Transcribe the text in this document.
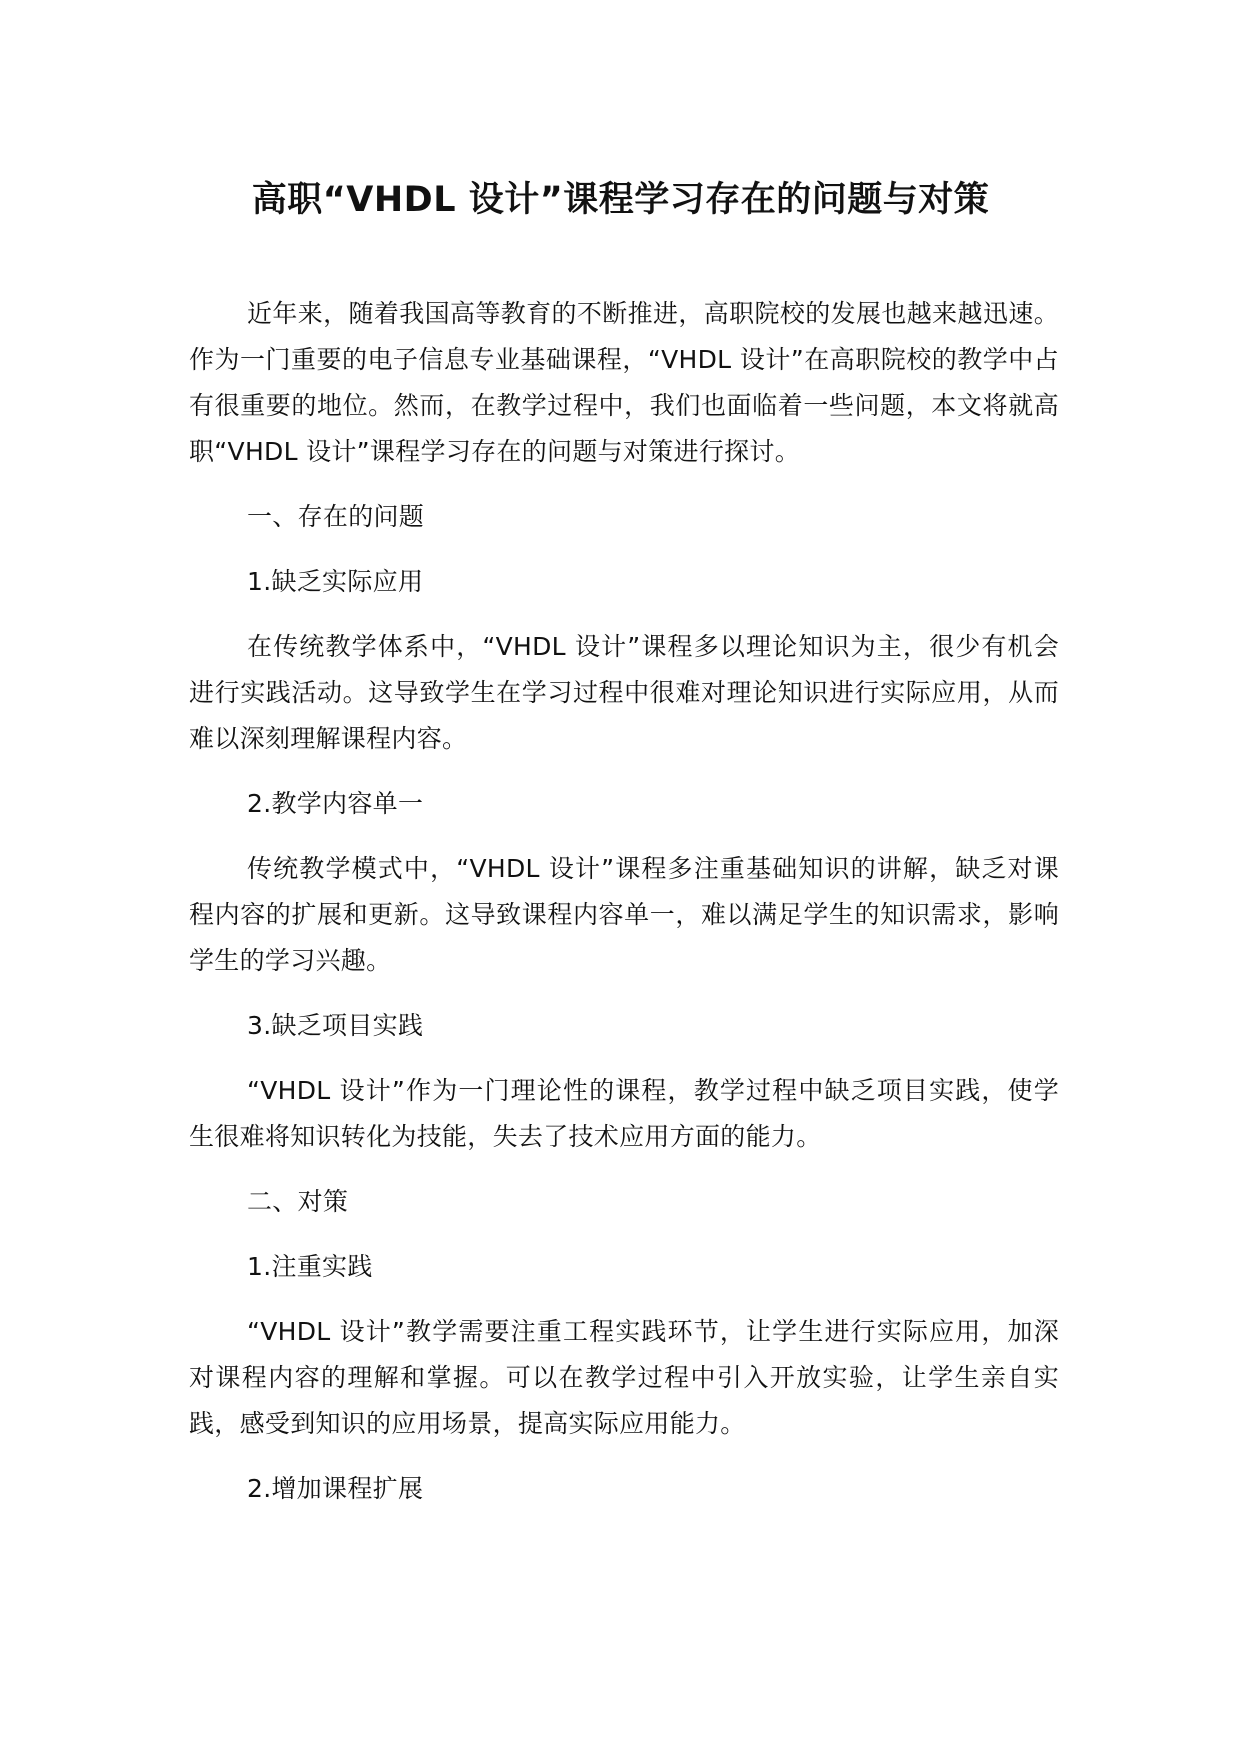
高职“VHDL 设计”课程学习存在的问题与对策

近年来，随着我国高等教育的不断推进，高职院校的发展也越来越迅速。作为一门重要的电子信息专业基础课程，“VHDL 设计”在高职院校的教学中占有很重要的地位。然而，在教学过程中，我们也面临着一些问题，本文将就高职“VHDL 设计”课程学习存在的问题与对策进行探讨。

一、存在的问题

1.缺乏实际应用

在传统教学体系中，“VHDL 设计”课程多以理论知识为主，很少有机会进行实践活动。这导致学生在学习过程中很难对理论知识进行实际应用，从而难以深刻理解课程内容。

2.教学内容单一

传统教学模式中，“VHDL 设计”课程多注重基础知识的讲解，缺乏对课程内容的扩展和更新。这导致课程内容单一，难以满足学生的知识需求，影响学生的学习兴趣。

3.缺乏项目实践

“VHDL 设计”作为一门理论性的课程，教学过程中缺乏项目实践，使学生很难将知识转化为技能，失去了技术应用方面的能力。

二、对策

1.注重实践

“VHDL 设计”教学需要注重工程实践环节，让学生进行实际应用，加深对课程内容的理解和掌握。可以在教学过程中引入开放实验，让学生亲自实践，感受到知识的应用场景，提高实际应用能力。

2.增加课程扩展
